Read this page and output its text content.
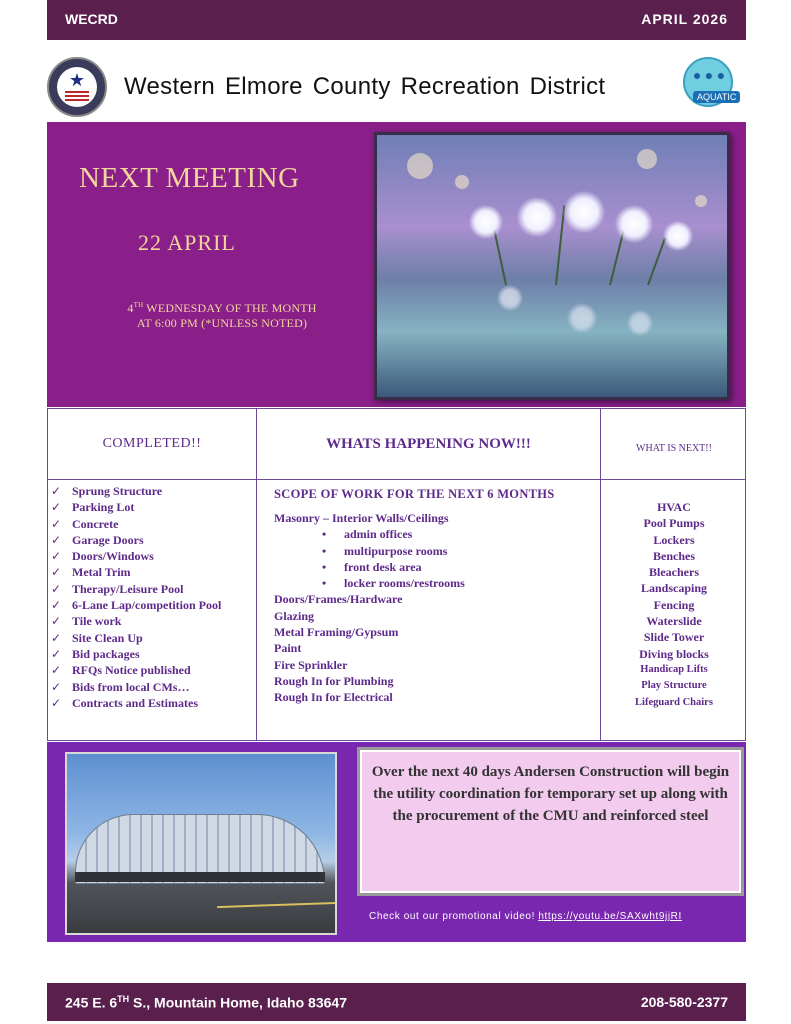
WECRD	APRIL 2026
★	Western Elmore County Recreation District	● ● ●
AQUATIC
NEXT MEETING
22 APRIL
4TH WEDNESDAY OF THE MONTH
AT 6:00 PM (*UNLESS NOTED)
COMPLETED!!
✓ Sprung Structure
✓ Parking Lot
✓ Concrete
✓ Garage Doors
✓ Doors/Windows
✓ Metal Trim
✓ Therapy/Leisure Pool
✓ 6-Lane Lap/competition Pool
✓ Tile work
✓ Site Clean Up
✓ Bid packages
✓ RFQs Notice published
✓ Bids from local CMs…
✓ Contracts and Estimates
WHATS HAPPENING NOW!!!
SCOPE OF WORK FOR THE NEXT 6 MONTHS
Masonry – Interior Walls/Ceilings
• admin offices
• multipurpose rooms
• front desk area
• locker rooms/restrooms
Doors/Frames/Hardware
Glazing
Metal Framing/Gypsum
Paint
Fire Sprinkler
Rough In for Plumbing
Rough In for Electrical
WHAT IS NEXT!!
HVAC
Pool Pumps
Lockers
Benches
Bleachers
Landscaping
Fencing
Waterslide
Slide Tower
Diving blocks
Handicap Lifts
Play Structure
Lifeguard Chairs

Over the next 40 days Andersen Construction will begin the utility coordination for temporary set up along with the procurement of the CMU and reinforced steel

Check out our promotional video! https://youtu.be/SAXwht9jjRI
245 E. 6TH S., Mountain Home, Idaho 83647	208-580-2377
